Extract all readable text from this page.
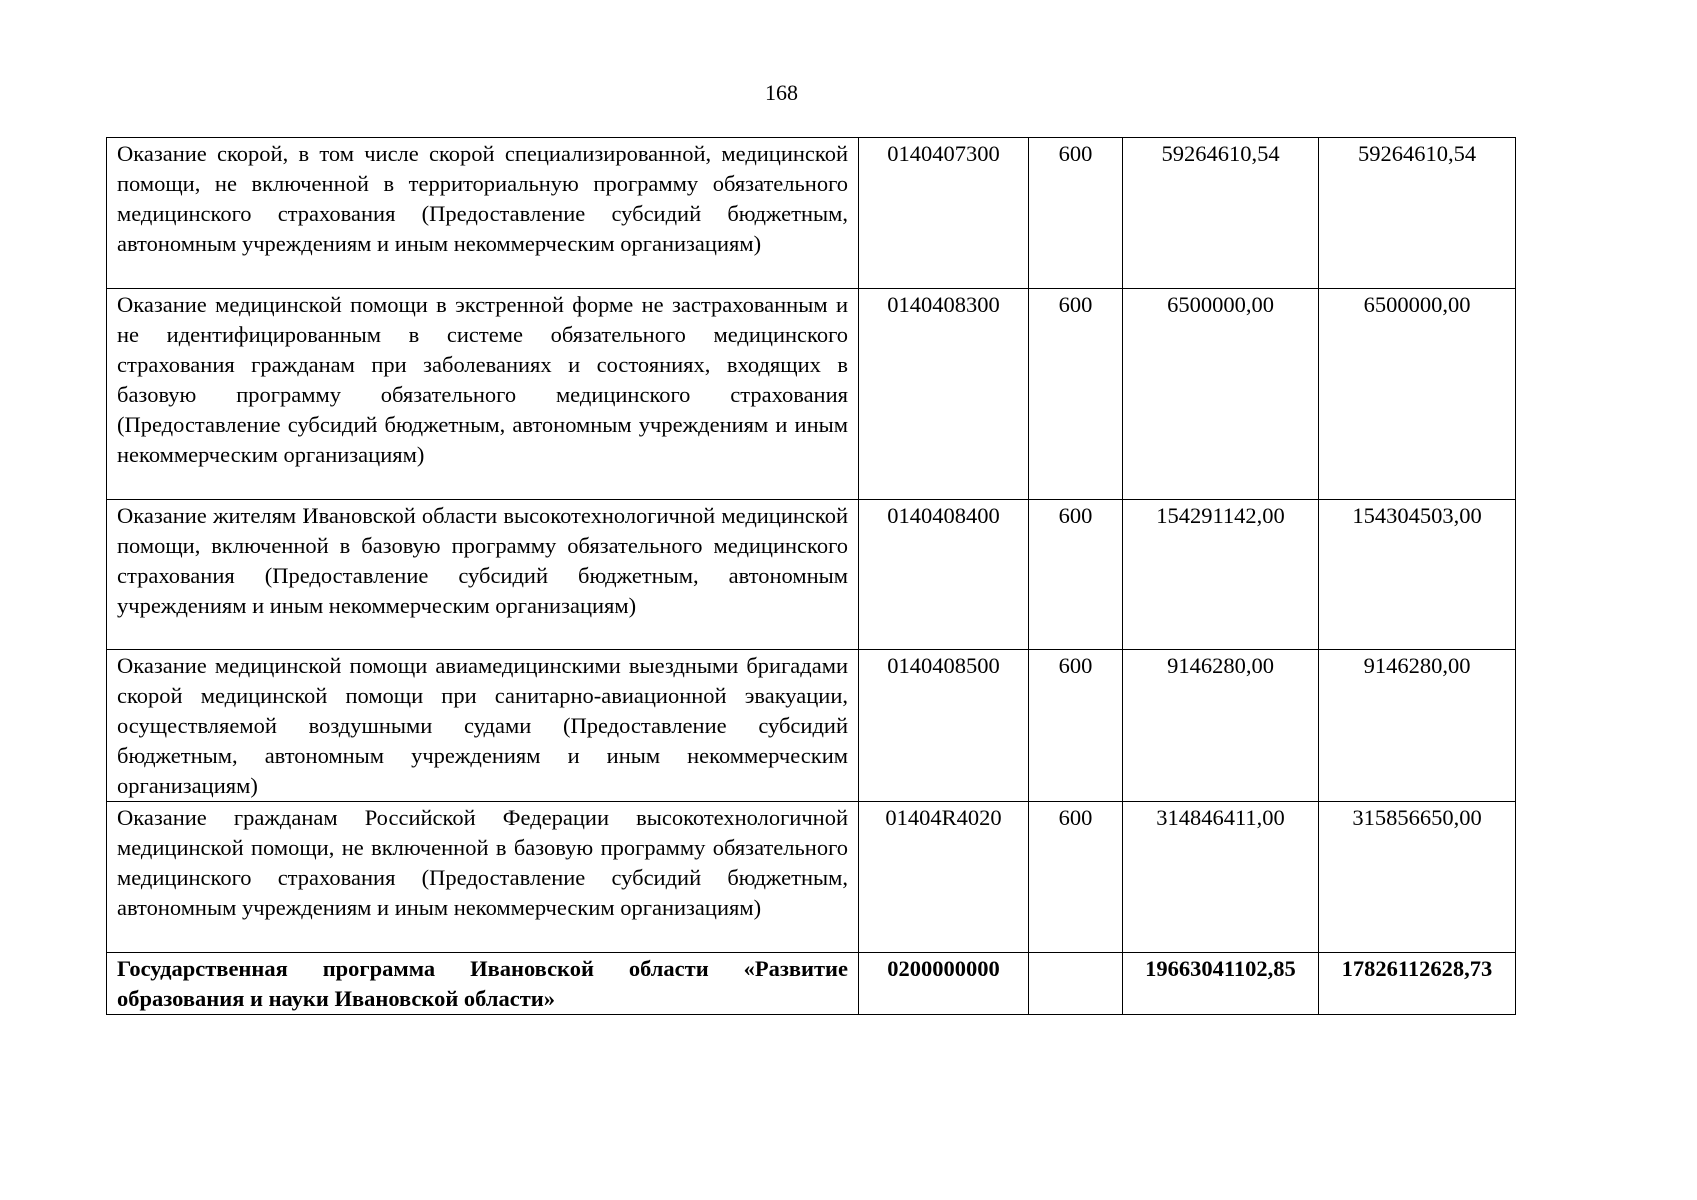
168
Оказание скорой, в том числе скорой специализированной, медицинской помощи, не включенной в территориальную программу обязательного медицинского страхования (Предоставление субсидий бюджетным, автономным учреждениям и иным некоммерческим организациям)	0140407300	600	59264610,54	59264610,54
Оказание медицинской помощи в экстренной форме не застрахованным и не идентифицированным в системе обязательного медицинского страхования гражданам при заболеваниях и состояниях, входящих в базовую программу обязательного медицинского страхования (Предоставление субсидий бюджетным, автономным учреждениям и иным некоммерческим организациям)	0140408300	600	6500000,00	6500000,00
Оказание жителям Ивановской области высокотехнологичной медицинской помощи, включенной в базовую программу обязательного медицинского страхования (Предоставление субсидий бюджетным, автономным учреждениям и иным некоммерческим организациям)	0140408400	600	154291142,00	154304503,00
Оказание медицинской помощи авиамедицинскими выездными бригадами скорой медицинской помощи при санитарно-авиационной эвакуации, осуществляемой воздушными судами (Предоставление субсидий бюджетным, автономным учреждениям и иным некоммерческим организациям)	0140408500	600	9146280,00	9146280,00
Оказание гражданам Российской Федерации высокотехнологичной медицинской помощи, не включенной в базовую программу обязательного медицинского страхования (Предоставление субсидий бюджетным, автономным учреждениям и иным некоммерческим организациям)	01404R4020	600	314846411,00	315856650,00
Государственная программа Ивановской области «Развитие образования и науки Ивановской области»	0200000000		19663041102,85	17826112628,73
